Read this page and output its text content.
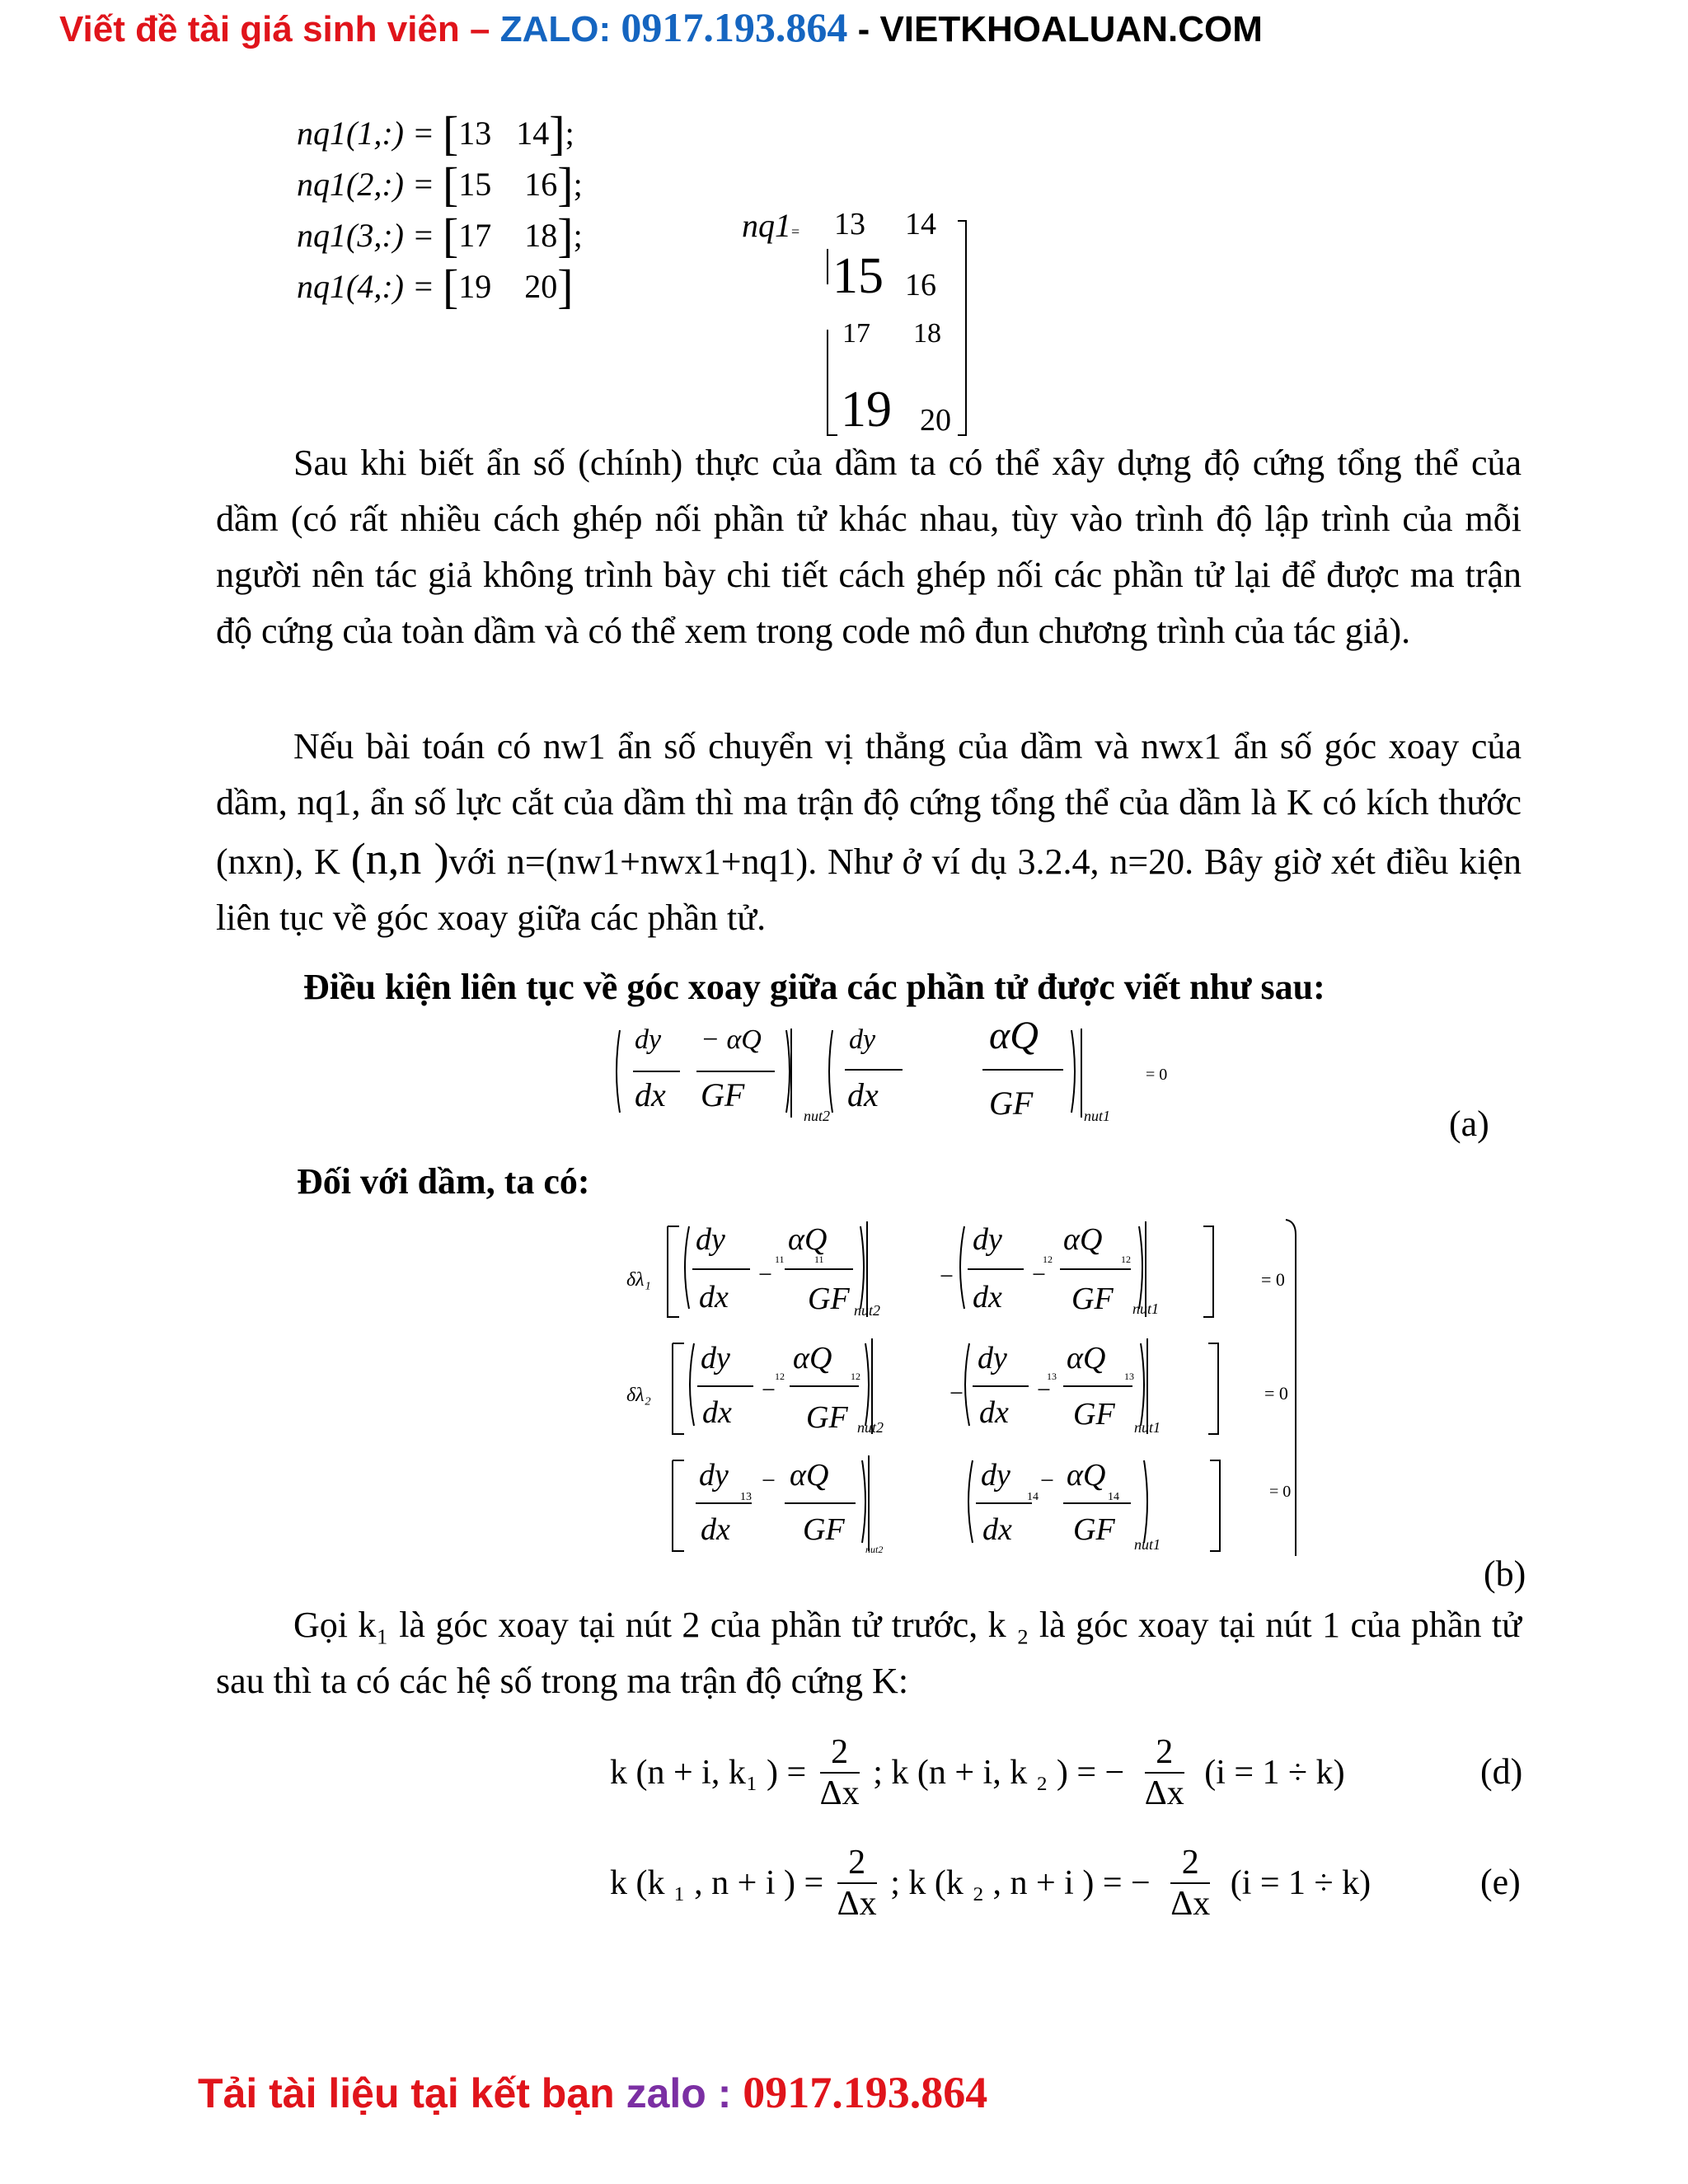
Viết đề tài giá sinh viên – ZALO: 0917.193.864 - VIETKHOALUAN.COM
nq1(1,:) = [13 14];
nq1(2,:) = [15 16];
nq1(3,:) = [17 18];
nq1(4,:) = [19 20]
nq1= 13 14
15 16
17 18
19 20

Sau khi biết ẩn số (chính) thực của dầm ta có thể xây dựng độ cứng tổng thể của dầm (có rất nhiều cách ghép nối phần tử khác nhau, tùy vào trình độ lập trình của mỗi người nên tác giả không trình bày chi tiết cách ghép nối các phần tử lại để được ma trận độ cứng của toàn dầm và có thể xem trong code mô đun chương trình của tác giả).

Nếu bài toán có nw1 ẩn số chuyển vị thẳng của dầm và nwx1 ẩn số góc xoay của dầm, nq1, ẩn số lực cắt của dầm thì ma trận độ cứng tổng thể của dầm là K có kích thước (nxn), K (n,n )với n=(nw1+nwx1+nq1). Như ở ví dụ 3.2.4, n=20. Bây giờ xét điều kiện liên tục về góc xoay giữa các phần tử.

Điều kiện liên tục về góc xoay giữa các phần tử được viết như sau:
dy − αQ
dx GF
dy
dx
αQ
GF
nut2	nut1
= 0
(a)
Đối với dầm, ta có:
δλ₁
dy
dx
11
−
αQ
11
GF nut2
−
dy
dx
12
−
αQ
12
GF nut1
= 0
δλ₂
dy
dx
12
−
αQ
12
GF nut2
−
dy
dx
13
−
αQ
13
GF nut1
= 0
dy
dx
13
− αQ
GF
nut2
dy
dx
14
− αQ
14
GF nut1
= 0
(b)

Gọi k₁ là góc xoay tại nút 2 của phần tử trước, k ₂ là góc xoay tại nút 1 của phần tử sau thì ta có các hệ số trong ma trận độ cứng K:

k (n + i, k₁ ) = $\frac{2}{\Delta x}$ ; k (n + i, k ₂ ) = − $\frac{2}{\Delta x} (i = 1 \div k)$	(d)
k (k ₁ , n + i ) = $\frac{2}{\Delta x}$ ; k (k ₂ , n + i ) = − $\frac{2}{\Delta x} (i = 1 \div k)$	(e)
Tải tài liệu tại kết bạn zalo : 0917.193.864
